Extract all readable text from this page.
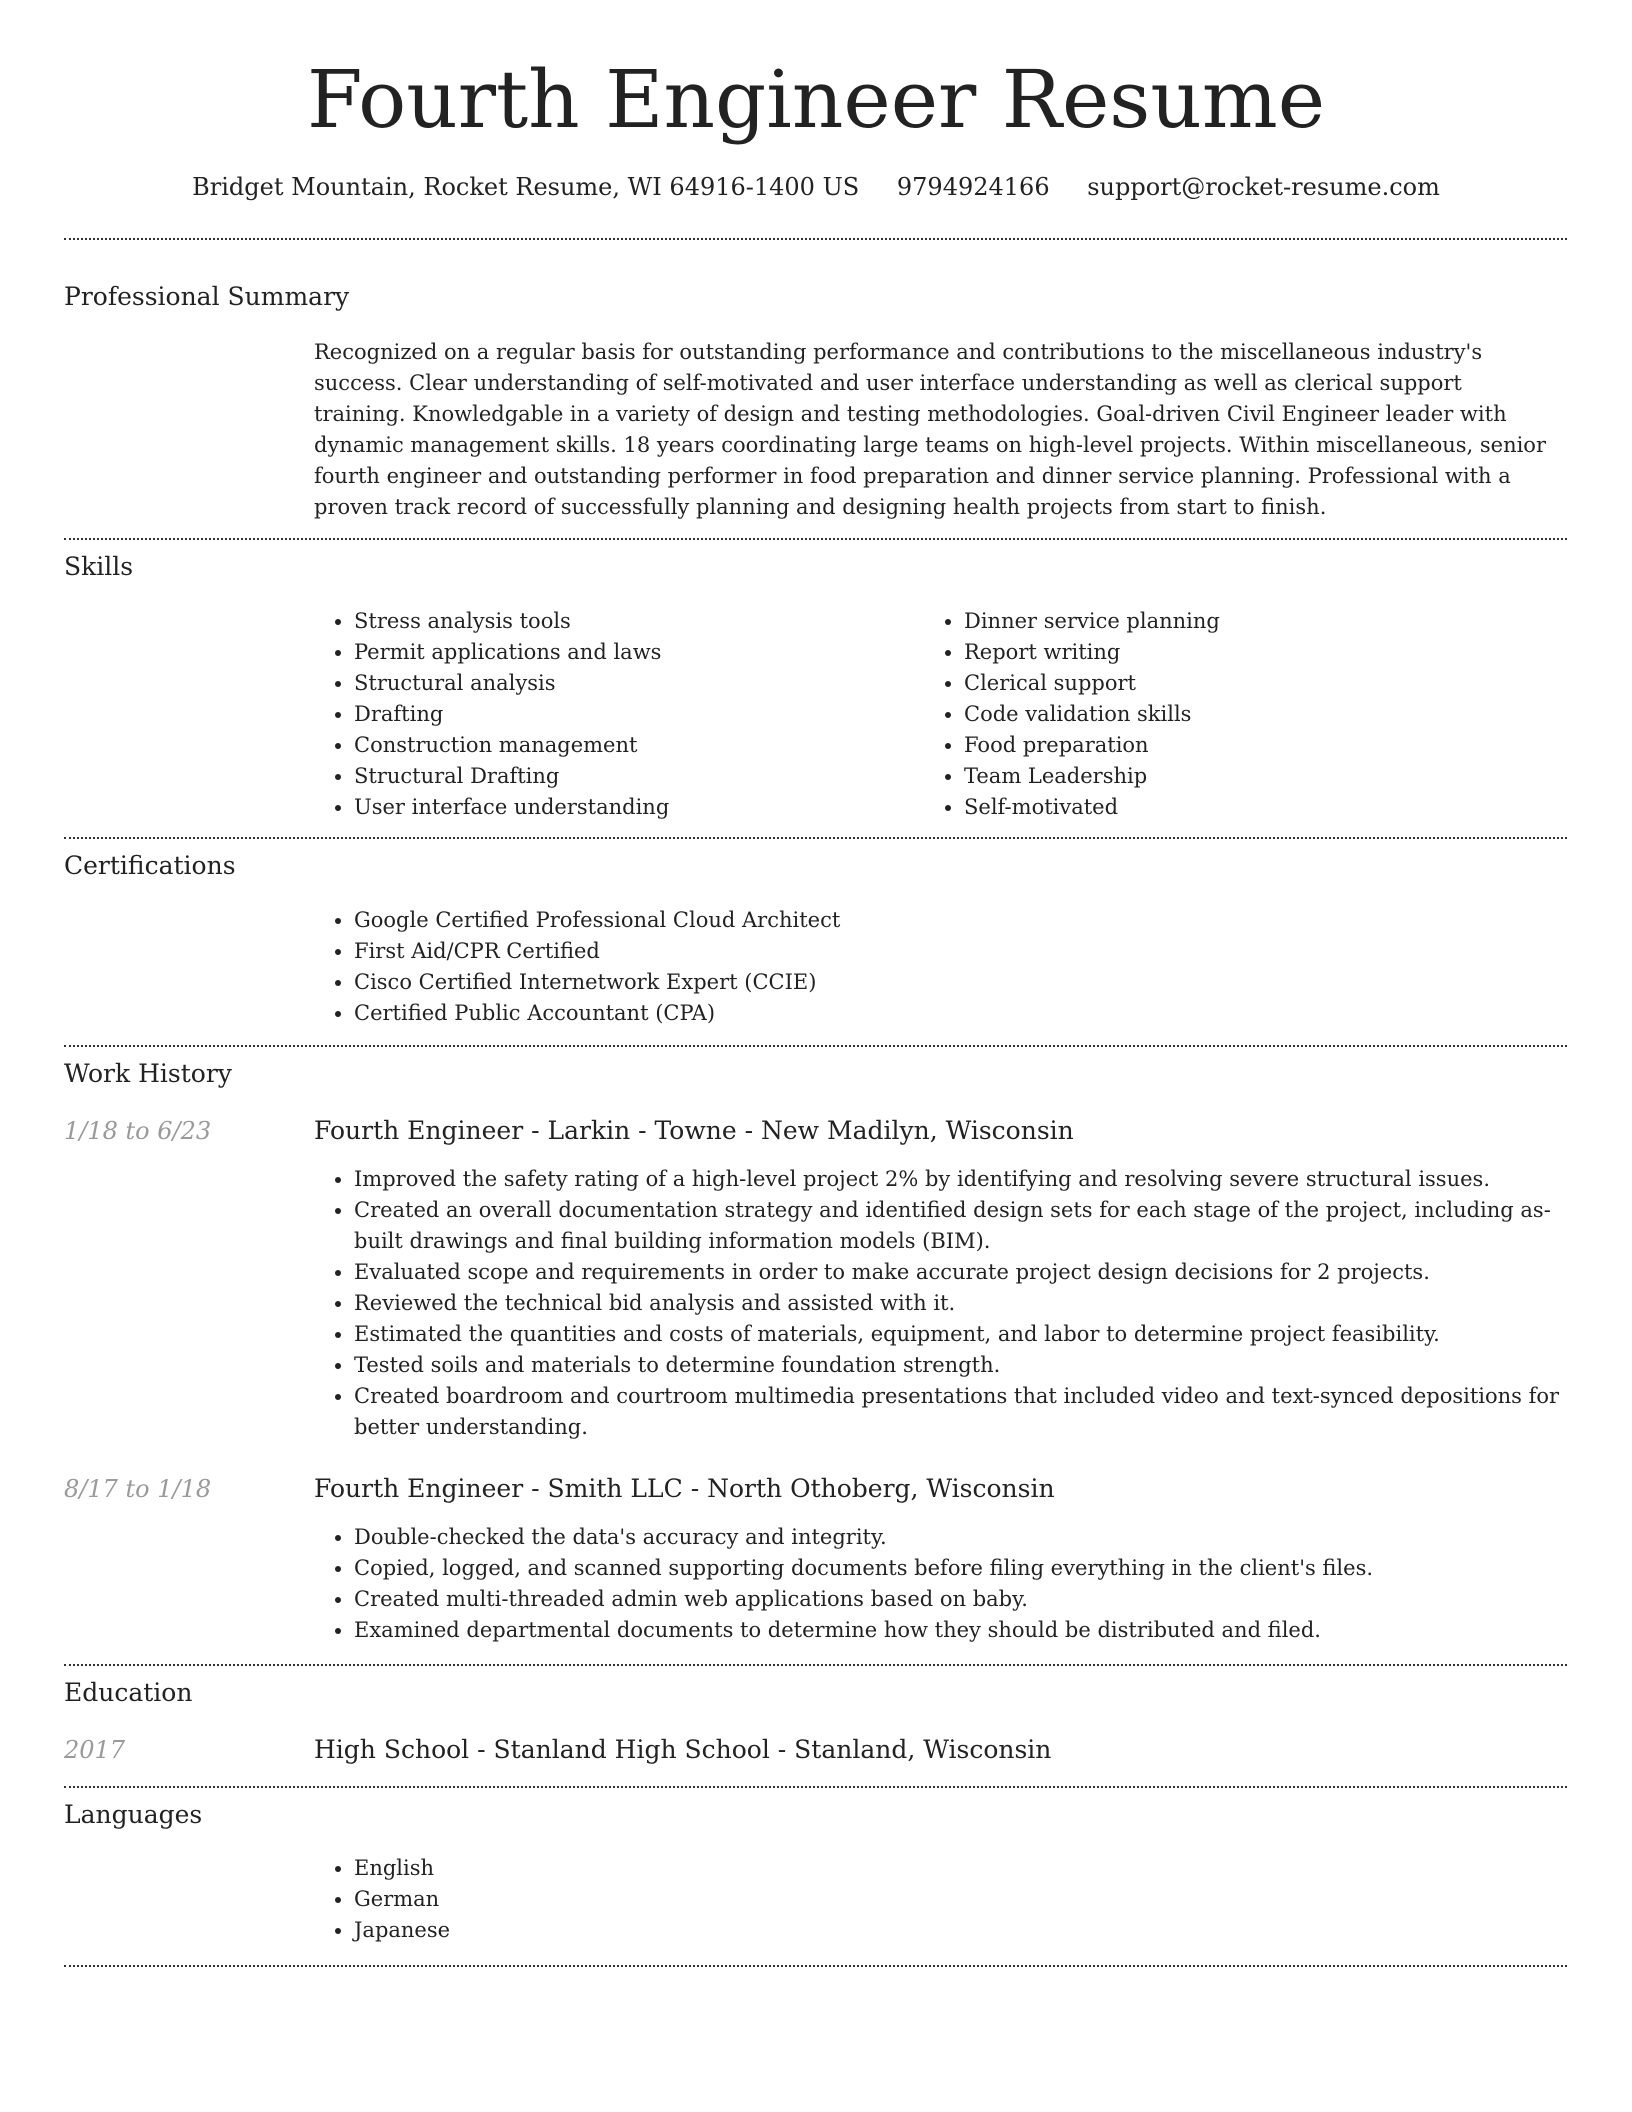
Fourth Engineer Resume
Bridget Mountain, Rocket Resume, WI 64916-1400 US 9794924166 support@rocket-resume.com
Professional Summary
Recognized on a regular basis for outstanding performance and contributions to the miscellaneous industry's success. Clear understanding of self-motivated and user interface understanding as well as clerical support training. Knowledgable in a variety of design and testing methodologies. Goal-driven Civil Engineer leader with dynamic management skills. 18 years coordinating large teams on high-level projects. Within miscellaneous, senior fourth engineer and outstanding performer in food preparation and dinner service planning. Professional with a proven track record of successfully planning and designing health projects from start to finish.
Skills
• Stress analysis tools
• Permit applications and laws
• Structural analysis
• Drafting
• Construction management
• Structural Drafting
• User interface understanding
• Dinner service planning
• Report writing
• Clerical support
• Code validation skills
• Food preparation
• Team Leadership
• Self-motivated
Certifications
• Google Certified Professional Cloud Architect
• First Aid/CPR Certified
• Cisco Certified Internetwork Expert (CCIE)
• Certified Public Accountant (CPA)
Work History
1/18 to 6/23	Fourth Engineer - Larkin - Towne - New Madilyn, Wisconsin
• Improved the safety rating of a high-level project 2% by identifying and resolving severe structural issues.
• Created an overall documentation strategy and identified design sets for each stage of the project, including as-built drawings and final building information models (BIM).
• Evaluated scope and requirements in order to make accurate project design decisions for 2 projects.
• Reviewed the technical bid analysis and assisted with it.
• Estimated the quantities and costs of materials, equipment, and labor to determine project feasibility.
• Tested soils and materials to determine foundation strength.
• Created boardroom and courtroom multimedia presentations that included video and text-synced depositions for better understanding.
8/17 to 1/18	Fourth Engineer - Smith LLC - North Othoberg, Wisconsin
• Double-checked the data's accuracy and integrity.
• Copied, logged, and scanned supporting documents before filing everything in the client's files.
• Created multi-threaded admin web applications based on baby.
• Examined departmental documents to determine how they should be distributed and filed.
Education
2017	High School - Stanland High School - Stanland, Wisconsin
Languages
• English
• German
• Japanese
